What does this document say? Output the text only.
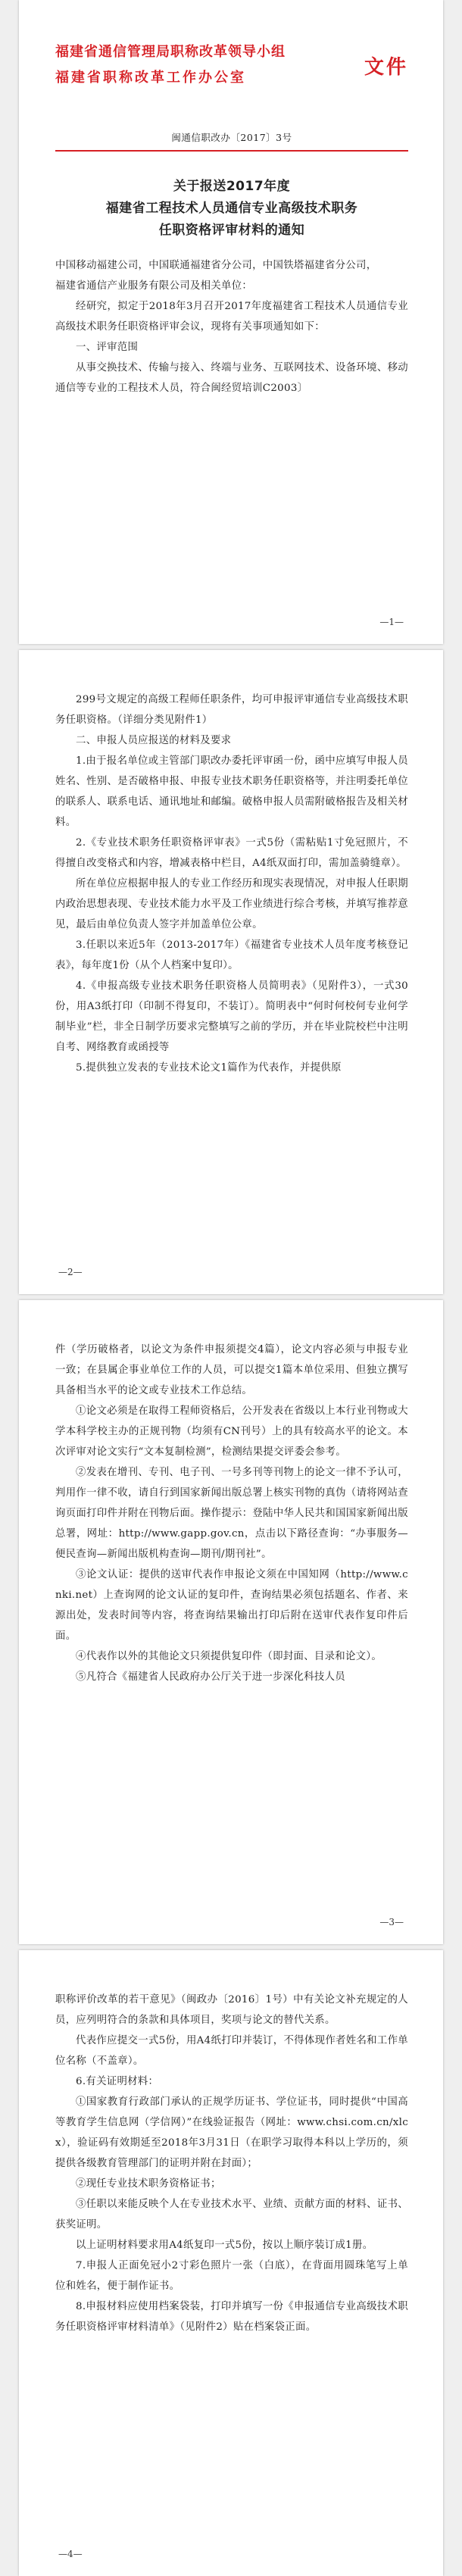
福建省通信管理局职称改革领导小组
福建省职称改革工作办公室	文件
闽通信职改办〔2017〕3号
关于报送2017年度
福建省工程技术人员通信专业高级技术职务
任职资格评审材料的通知

中国移动福建公司，中国联通福建省分公司，中国铁塔福建省分公司，

福建省通信产业服务有限公司及相关单位：

经研究，拟定于2018年3月召开2017年度福建省工程技术人员通信专业高级技术职务任职资格评审会议，现将有关事项通知如下：

一、评审范围

从事交换技术、传输与接入、终端与业务、互联网技术、设备环境、移动通信等专业的工程技术人员，符合闽经贸培训C2003〕

—1—

299号文规定的高级工程师任职条件，均可申报评审通信专业高级技术职务任职资格。（详细分类见附件1）

二、申报人员应报送的材料及要求

1.由于报名单位或主管部门职改办委托评审函一份，函中应填写申报人员姓名、性别、是否破格申报、申报专业技术职务任职资格等，并注明委托单位的联系人、联系电话、通讯地址和邮编。破格申报人员需附破格报告及相关材料。

2.《专业技术职务任职资格评审表》一式5份（需粘贴1寸免冠照片，不得擅自改变格式和内容，增减表格中栏目，A4纸双面打印，需加盖骑缝章）。

所在单位应根据申报人的专业工作经历和现实表现情况，对申报人任职期内政治思想表现、专业技术能力水平及工作业绩进行综合考核，并填写推荐意见，最后由单位负责人签字并加盖单位公章。

3.任职以来近5年（2013-2017年）《福建省专业技术人员年度考核登记表》，每年度1份（从个人档案中复印）。

4.《申报高级专业技术职务任职资格人员简明表》（见附件3），一式30份，用A3纸打印（印制不得复印，不装订）。简明表中“何时何校何专业何学制毕业”栏，非全日制学历要求完整填写之前的学历，并在毕业院校栏中注明自考、网络教育或函授等

5.提供独立发表的专业技术论文1篇作为代表作，并提供原

—2—

件（学历破格者，以论文为条件申报须提交4篇），论文内容必须与申报专业一致；在县属企事业单位工作的人员，可以提交1篇本单位采用、但独立撰写具备相当水平的论文或专业技术工作总结。

①论文必须是在取得工程师资格后，公开发表在省级以上本行业刊物或大学本科学校主办的正规刊物（均须有CN刊号）上的具有较高水平的论文。本次评审对论文实行“文本复制检测”，检测结果提交评委会参考。

②发表在增刊、专刊、电子刊、一号多刊等刊物上的论文一律不予认可，判用作一律不收，请自行到国家新闻出版总署上核实刊物的真伪（请将网站查询页面打印件并附在刊物后面。操作提示：登陆中华人民共和国国家新闻出版总署，网址：http://www.gapp.gov.cn，点击以下路径查询：“办事服务—便民查询—新闻出版机构查询—期刊/期刊社”。

③论文认证：提供的送审代表作申报论文须在中国知网（http://www.cnki.net）上查询网的论文认证的复印件，查询结果必须包括题名、作者、来源出处，发表时间等内容，将查询结果输出打印后附在送审代表作复印件后面。

④代表作以外的其他论文只须提供复印件（即封面、目录和论文）。

⑤凡符合《福建省人民政府办公厅关于进一步深化科技人员

—3—

职称评价改革的若干意见》（闽政办〔2016〕1号）中有关论文补充规定的人员，应列明符合的条款和具体项目，奖项与论文的替代关系。

代表作应提交一式5份，用A4纸打印并装订，不得体现作者姓名和工作单位名称（不盖章）。

6.有关证明材料：

①国家教育行政部门承认的正规学历证书、学位证书，同时提供“中国高等教育学生信息网（学信网）”在线验证报告（网址：www.chsi.com.cn/xlcx），验证码有效期延至2018年3月31日（在职学习取得本科以上学历的，须提供各级教育管理部门的证明并附在封面）；

②现任专业技术职务资格证书；

③任职以来能反映个人在专业技术水平、业绩、贡献方面的材料、证书、获奖证明。

以上证明材料要求用A4纸复印一式5份，按以上顺序装订成1册。

7.申报人正面免冠小2寸彩色照片一张（白底），在背面用圆珠笔写上单位和姓名，便于制作证书。

8.申报材料应使用档案袋装，打印并填写一份《申报通信专业高级技术职务任职资格评审材料清单》（见附件2）贴在档案袋正面。

—4—
